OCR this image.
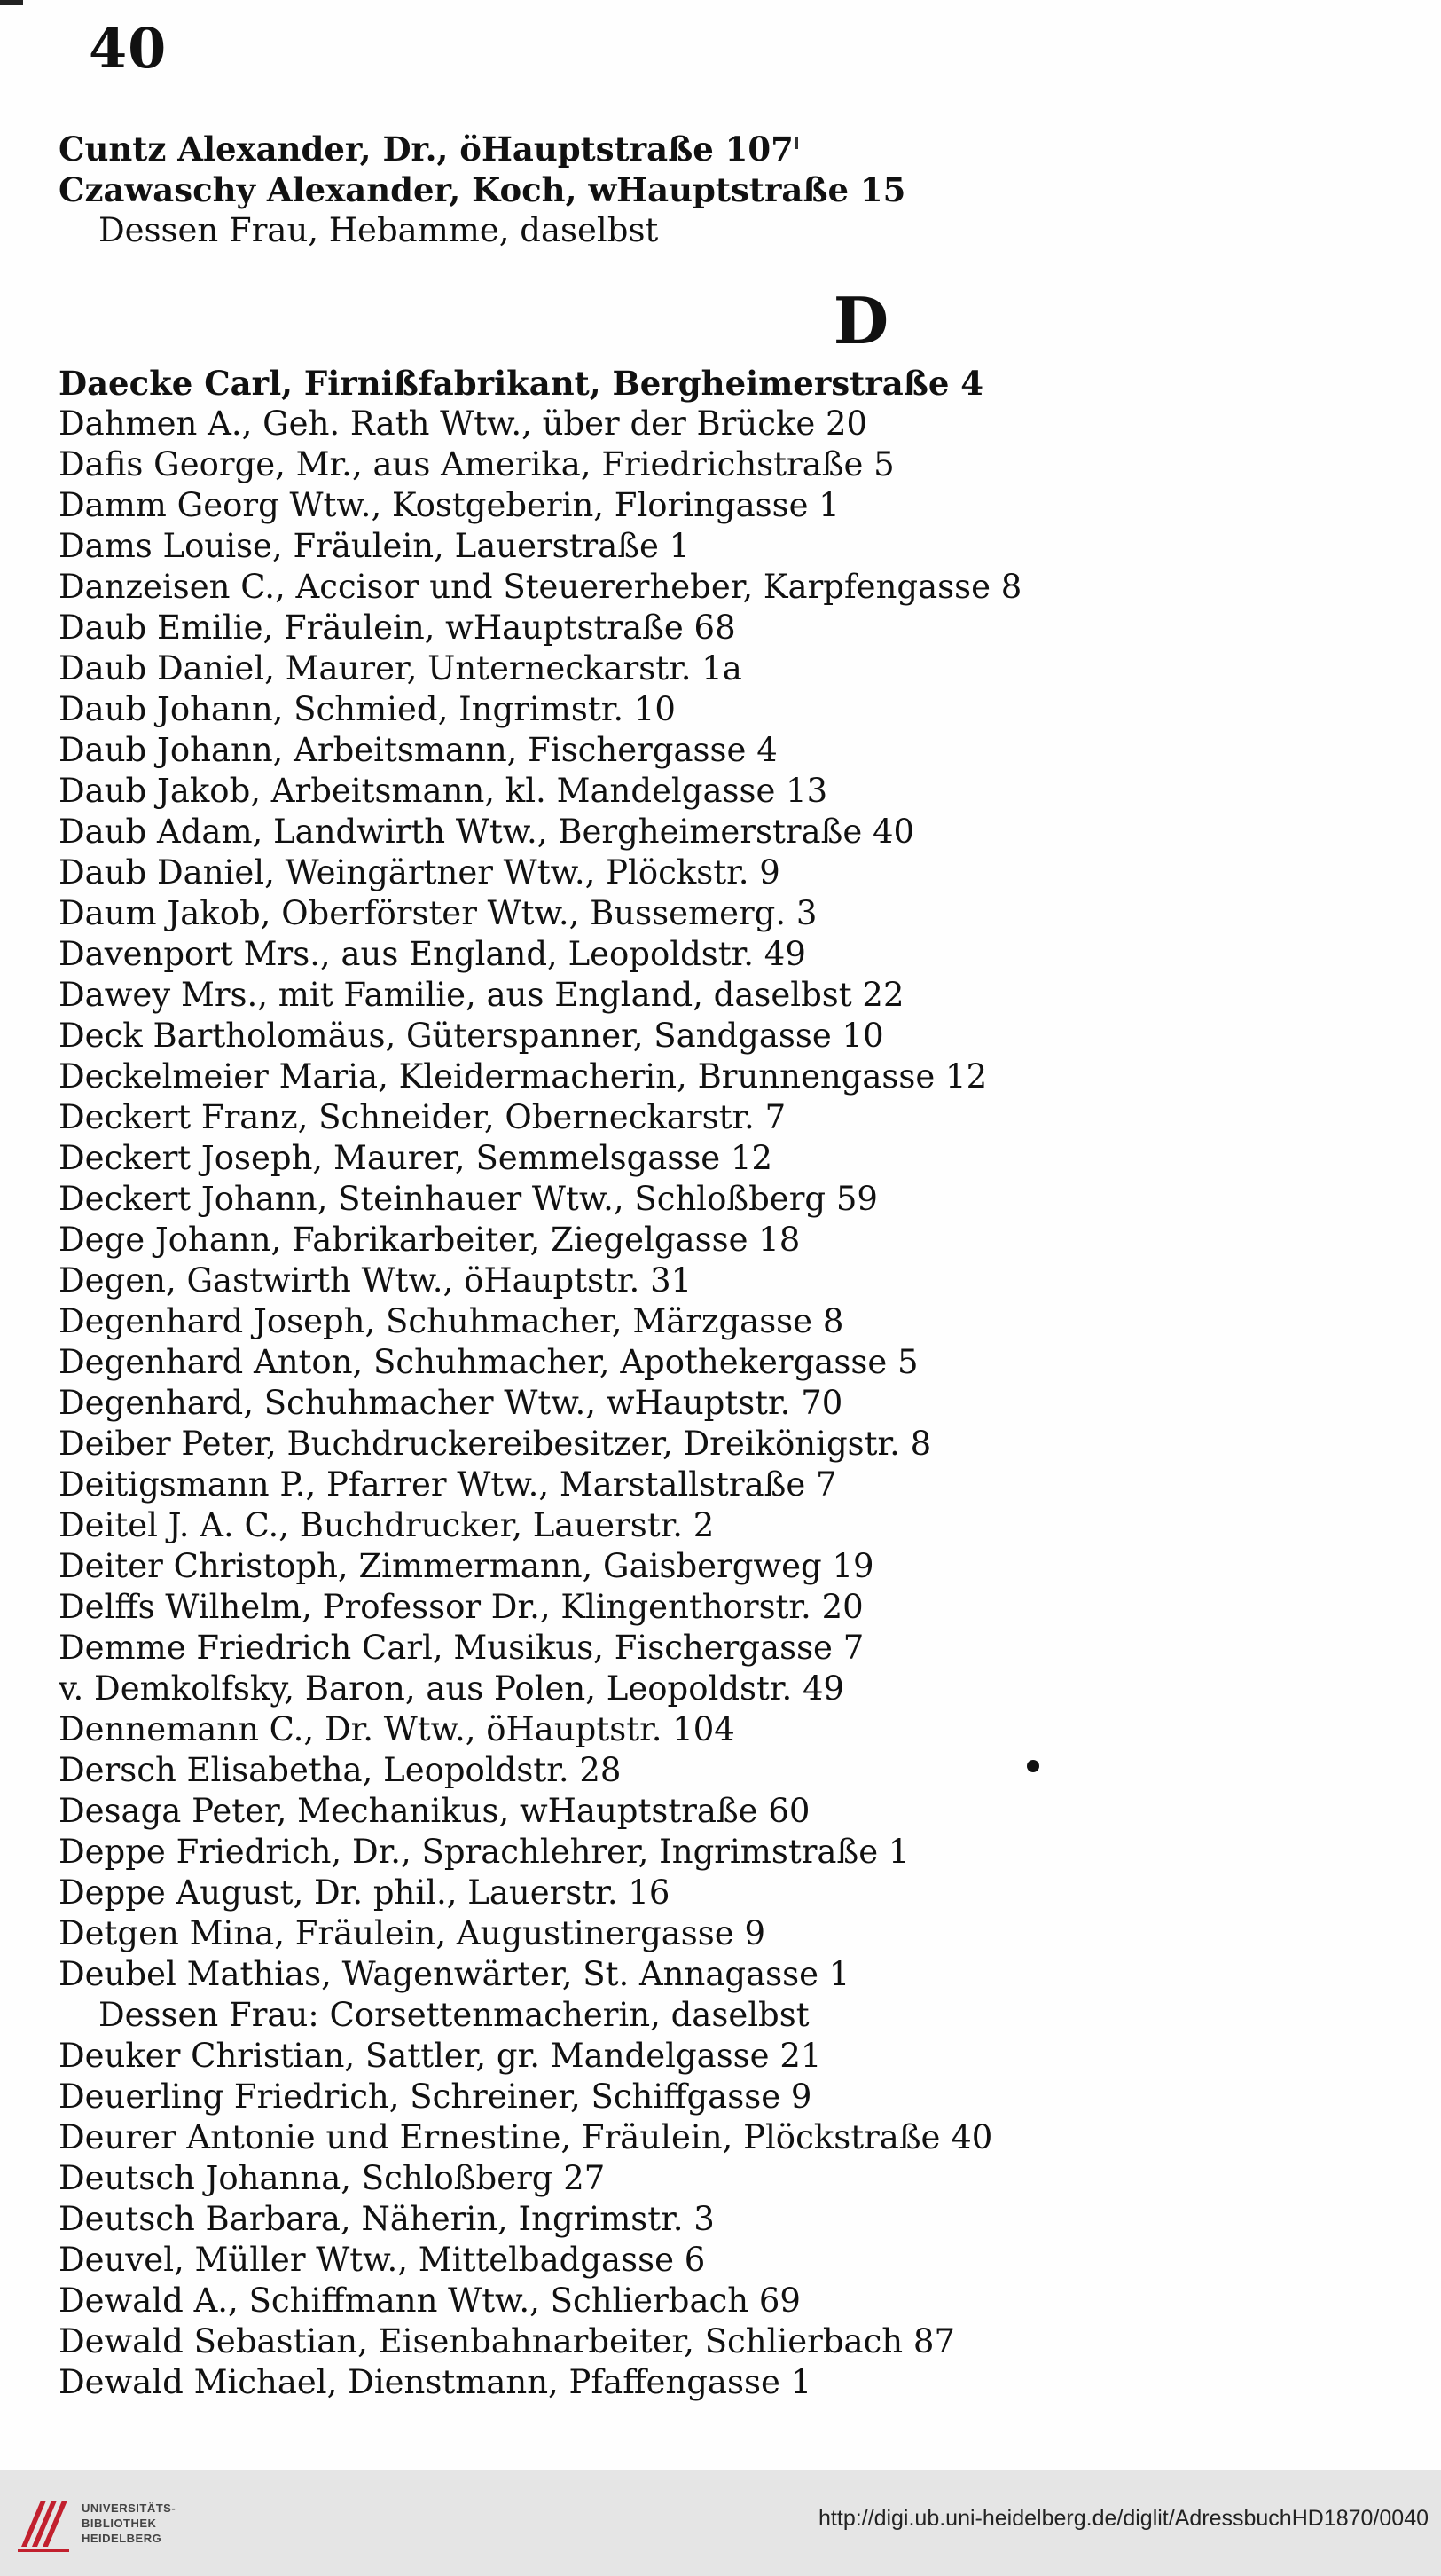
40
Cuntz Alexander, Dr., öHauptstraße 107
Czawaschy Alexander, Koch, wHauptstraße 15
Dessen Frau, Hebamme, daselbst
D
Daecke Carl, Firnißfabrikant, Bergheimerstraße 4
Dahmen A., Geh. Rath Wtw., über der Brücke 20
Dafis George, Mr., aus Amerika, Friedrichstraße 5
Damm Georg Wtw., Kostgeberin, Floringasse 1
Dams Louise, Fräulein, Lauerstraße 1
Danzeisen C., Accisor und Steuererheber, Karpfengasse 8
Daub Emilie, Fräulein, wHauptstraße 68
Daub Daniel, Maurer, Unterneckarstr. 1a
Daub Johann, Schmied, Ingrimstr. 10
Daub Johann, Arbeitsmann, Fischergasse 4
Daub Jakob, Arbeitsmann, kl. Mandelgasse 13
Daub Adam, Landwirth Wtw., Bergheimerstraße 40
Daub Daniel, Weingärtner Wtw., Plöckstr. 9
Daum Jakob, Oberförster Wtw., Bussemerg. 3
Davenport Mrs., aus England, Leopoldstr. 49
Dawey Mrs., mit Familie, aus England, daselbst 22
Deck Bartholomäus, Güterspanner, Sandgasse 10
Deckelmeier Maria, Kleidermacherin, Brunnengasse 12
Deckert Franz, Schneider, Oberneckarstr. 7
Deckert Joseph, Maurer, Semmelsgasse 12
Deckert Johann, Steinhauer Wtw., Schloßberg 59
Dege Johann, Fabrikarbeiter, Ziegelgasse 18
Degen, Gastwirth Wtw., öHauptstr. 31
Degenhard Joseph, Schuhmacher, Märzgasse 8
Degenhard Anton, Schuhmacher, Apothekergasse 5
Degenhard, Schuhmacher Wtw., wHauptstr. 70
Deiber Peter, Buchdruckereibesitzer, Dreikönigstr. 8
Deitigsmann P., Pfarrer Wtw., Marstallstraße 7
Deitel J. A. C., Buchdrucker, Lauerstr. 2
Deiter Christoph, Zimmermann, Gaisbergweg 19
Delffs Wilhelm, Professor Dr., Klingenthorstr. 20
Demme Friedrich Carl, Musikus, Fischergasse 7
v. Demkolfsky, Baron, aus Polen, Leopoldstr. 49
Dennemann C., Dr. Wtw., öHauptstr. 104
Dersch Elisabetha, Leopoldstr. 28
Desaga Peter, Mechanikus, wHauptstraße 60
Deppe Friedrich, Dr., Sprachlehrer, Ingrimstraße 1
Deppe August, Dr. phil., Lauerstr. 16
Detgen Mina, Fräulein, Augustinergasse 9
Deubel Mathias, Wagenwärter, St. Annagasse 1
Dessen Frau: Corsettenmacherin, daselbst
Deuker Christian, Sattler, gr. Mandelgasse 21
Deuerling Friedrich, Schreiner, Schiffgasse 9
Deurer Antonie und Ernestine, Fräulein, Plöckstraße 40
Deutsch Johanna, Schloßberg 27
Deutsch Barbara, Näherin, Ingrimstr. 3
Deuvel, Müller Wtw., Mittelbadgasse 6
Dewald A., Schiffmann Wtw., Schlierbach 69
Dewald Sebastian, Eisenbahnarbeiter, Schlierbach 87
Dewald Michael, Dienstmann, Pfaffengasse 1
UNIVERSITÄTS-
BIBLIOTHEK
HEIDELBERG
http://digi.ub.uni-heidelberg.de/diglit/AdressbuchHD1870/0040
